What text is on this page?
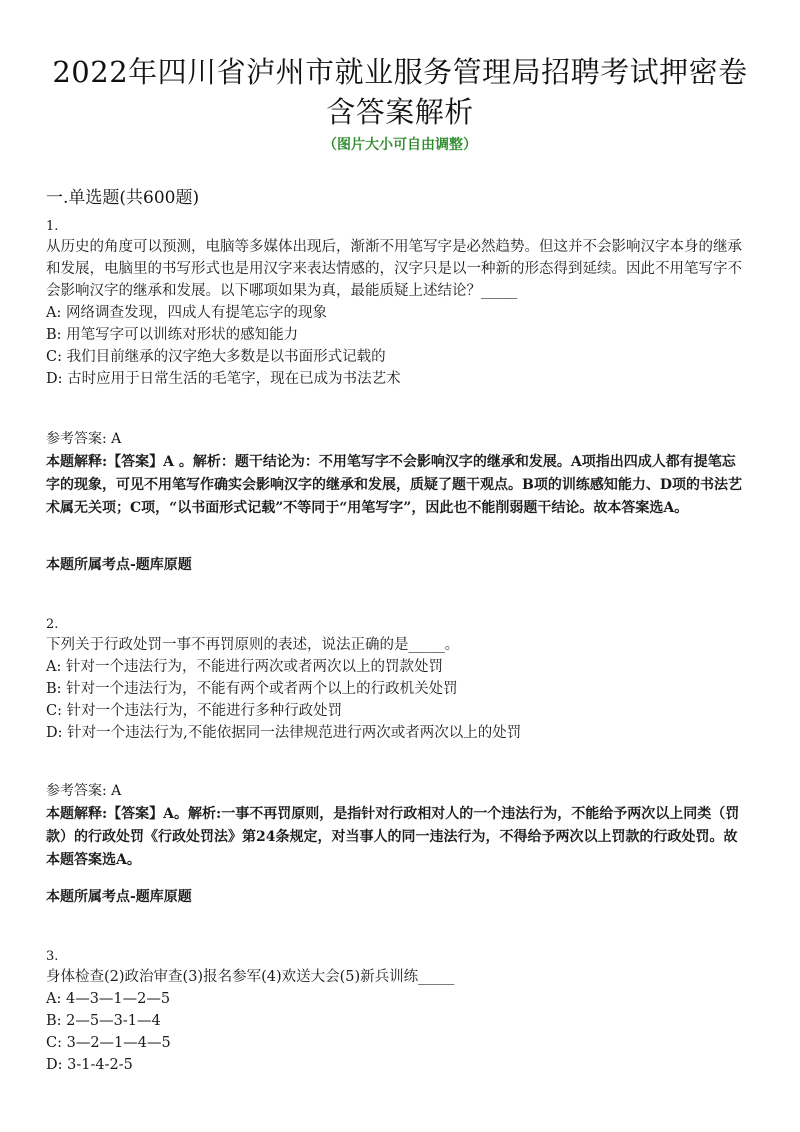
2022年四川省泸州市就业服务管理局招聘考试押密卷
含答案解析
（图片大小可自由调整）
一.单选题(共600题)
1.

从历史的角度可以预测，电脑等多媒体出现后，渐渐不用笔写字是必然趋势。但这并不会影响汉字本身的继承和发展，电脑里的书写形式也是用汉字来表达情感的，汉字只是以一种新的形态得到延续。因此不用笔写字不会影响汉字的继承和发展。以下哪项如果为真，最能质疑上述结论？_____

A: 网络调查发现，四成人有提笔忘字的现象

B: 用笔写字可以训练对形状的感知能力

C: 我们目前继承的汉字绝大多数是以书面形式记载的

D: 古时应用于日常生活的毛笔字，现在已成为书法艺术

参考答案: A

本题解释:【答案】A 。解析：题干结论为：不用笔写字不会影响汉字的继承和发展。A项指出四成人都有提笔忘字的现象，可见不用笔写作确实会影响汉字的继承和发展，质疑了题干观点。B项的训练感知能力、D项的书法艺术属无关项；C项，“以书面形式记载”不等同于“用笔写字”，因此也不能削弱题干结论。故本答案选A。

本题所属考点-题库原题
2.

下列关于行政处罚一事不再罚原则的表述，说法正确的是_____。

A: 针对一个违法行为，不能进行两次或者两次以上的罚款处罚

B: 针对一个违法行为，不能有两个或者两个以上的行政机关处罚

C: 针对一个违法行为，不能进行多种行政处罚

D: 针对一个违法行为,不能依据同一法律规范进行两次或者两次以上的处罚

参考答案: A

本题解释:【答案】A。解析:一事不再罚原则，是指针对行政相对人的一个违法行为，不能给予两次以上同类（罚款）的行政处罚《行政处罚法》第24条规定，对当事人的同一违法行为，不得给予两次以上罚款的行政处罚。故本题答案选A。

本题所属考点-题库原题
3.

身体检查(2)政治审查(3)报名参军(4)欢送大会(5)新兵训练_____

A: 4—3—1—2—5

B: 2—5—3-1—4

C: 3—2—1—4—5

D: 3-1-4-2-5
